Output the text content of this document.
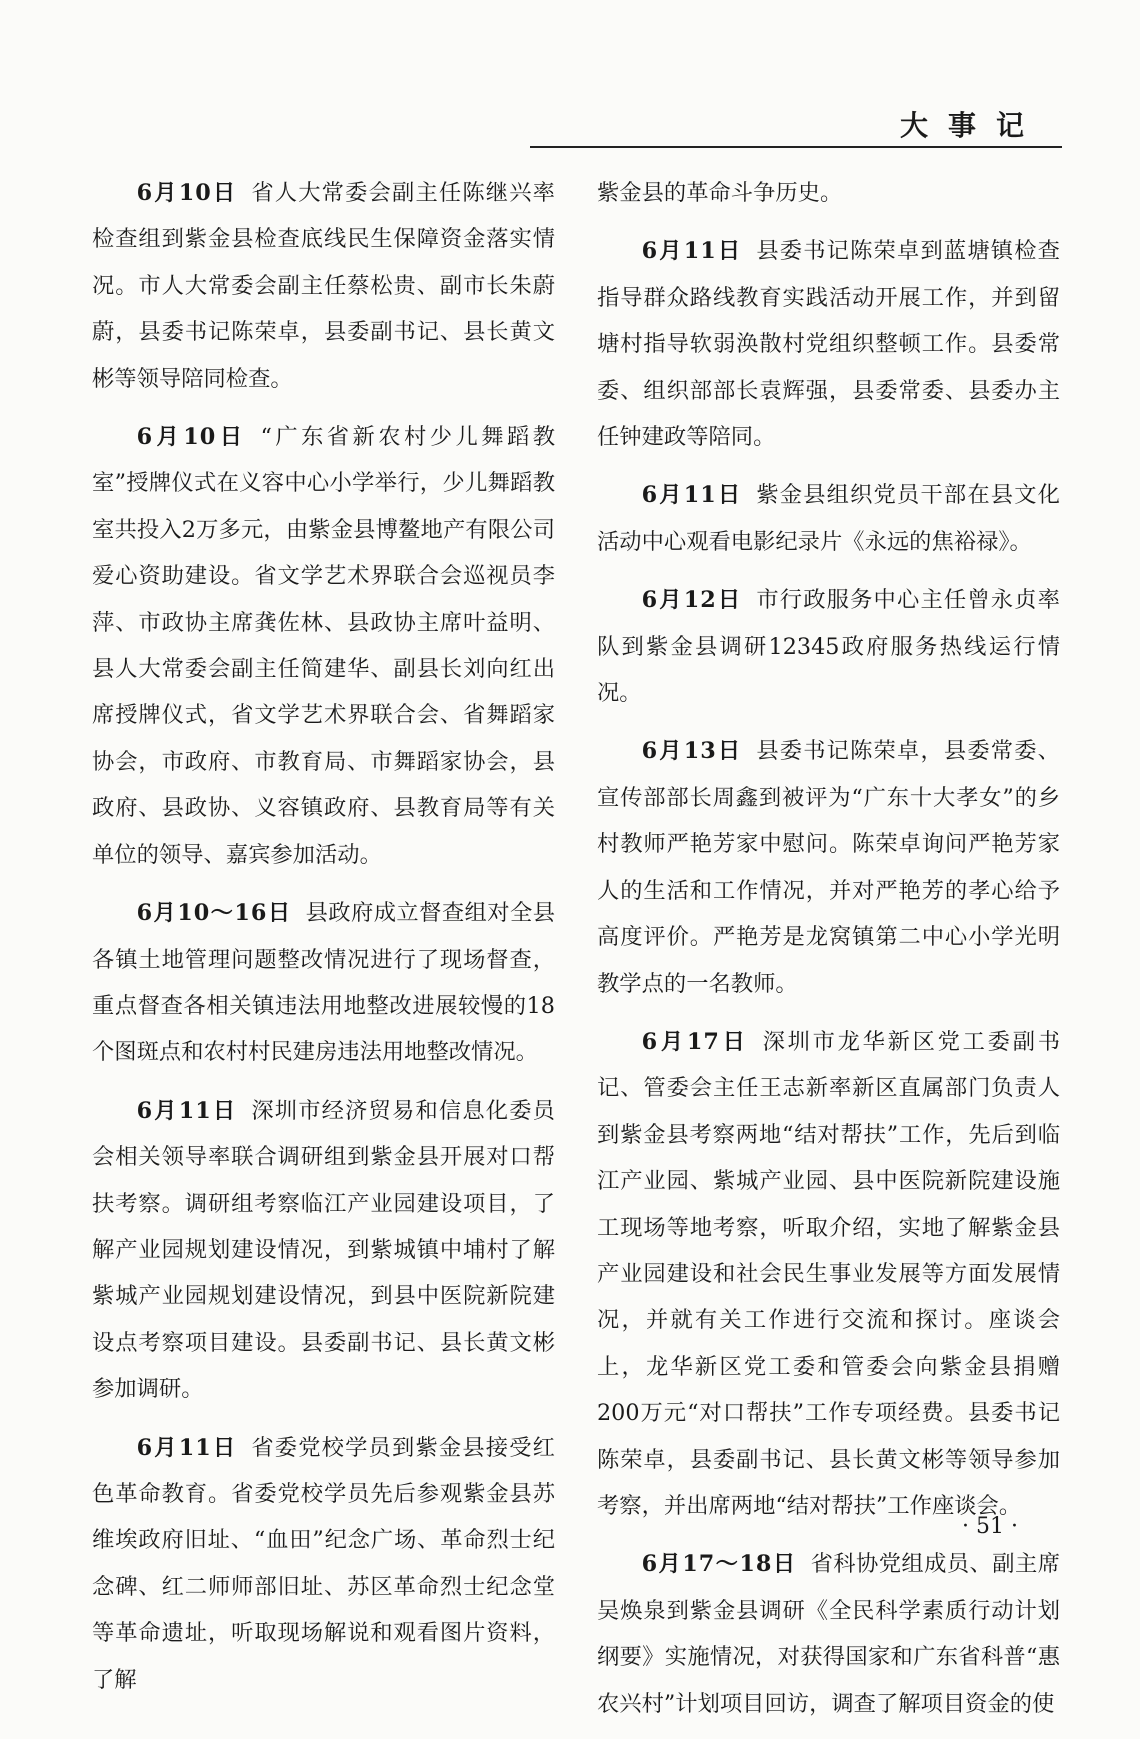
大事记

6月10日 省人大常委会副主任陈继兴率检查组到紫金县检查底线民生保障资金落实情况。市人大常委会副主任蔡松贵、副市长朱蔚蔚，县委书记陈荣卓，县委副书记、县长黄文彬等领导陪同检查。

6月10日 “广东省新农村少儿舞蹈教室”授牌仪式在义容中心小学举行，少儿舞蹈教室共投入2万多元，由紫金县博鳌地产有限公司爱心资助建设。省文学艺术界联合会巡视员李萍、市政协主席龚佐林、县政协主席叶益明、县人大常委会副主任简建华、副县长刘向红出席授牌仪式，省文学艺术界联合会、省舞蹈家协会，市政府、市教育局、市舞蹈家协会，县政府、县政协、义容镇政府、县教育局等有关单位的领导、嘉宾参加活动。

6月10～16日 县政府成立督查组对全县各镇土地管理问题整改情况进行了现场督查，重点督查各相关镇违法用地整改进展较慢的18个图斑点和农村村民建房违法用地整改情况。

6月11日 深圳市经济贸易和信息化委员会相关领导率联合调研组到紫金县开展对口帮扶考察。调研组考察临江产业园建设项目，了解产业园规划建设情况，到紫城镇中埔村了解紫城产业园规划建设情况，到县中医院新院建设点考察项目建设。县委副书记、县长黄文彬参加调研。

6月11日 省委党校学员到紫金县接受红色革命教育。省委党校学员先后参观紫金县苏维埃政府旧址、“血田”纪念广场、革命烈士纪念碑、红二师师部旧址、苏区革命烈士纪念堂等革命遗址，听取现场解说和观看图片资料，了解

紫金县的革命斗争历史。

6月11日 县委书记陈荣卓到蓝塘镇检查指导群众路线教育实践活动开展工作，并到留塘村指导软弱涣散村党组织整顿工作。县委常委、组织部部长袁辉强，县委常委、县委办主任钟建政等陪同。

6月11日 紫金县组织党员干部在县文化活动中心观看电影纪录片《永远的焦裕禄》。

6月12日 市行政服务中心主任曾永贞率队到紫金县调研12345政府服务热线运行情况。

6月13日 县委书记陈荣卓，县委常委、宣传部部长周鑫到被评为“广东十大孝女”的乡村教师严艳芳家中慰问。陈荣卓询问严艳芳家人的生活和工作情况，并对严艳芳的孝心给予高度评价。严艳芳是龙窝镇第二中心小学光明教学点的一名教师。

6月17日 深圳市龙华新区党工委副书记、管委会主任王志新率新区直属部门负责人到紫金县考察两地“结对帮扶”工作，先后到临江产业园、紫城产业园、县中医院新院建设施工现场等地考察，听取介绍，实地了解紫金县产业园建设和社会民生事业发展等方面发展情况，并就有关工作进行交流和探讨。座谈会上，龙华新区党工委和管委会向紫金县捐赠200万元“对口帮扶”工作专项经费。县委书记陈荣卓，县委副书记、县长黄文彬等领导参加考察，并出席两地“结对帮扶”工作座谈会。

6月17～18日 省科协党组成员、副主席吴焕泉到紫金县调研《全民科学素质行动计划纲要》实施情况，对获得国家和广东省科普“惠农兴村”计划项目回访，调查了解项目资金的使

· 51 ·
